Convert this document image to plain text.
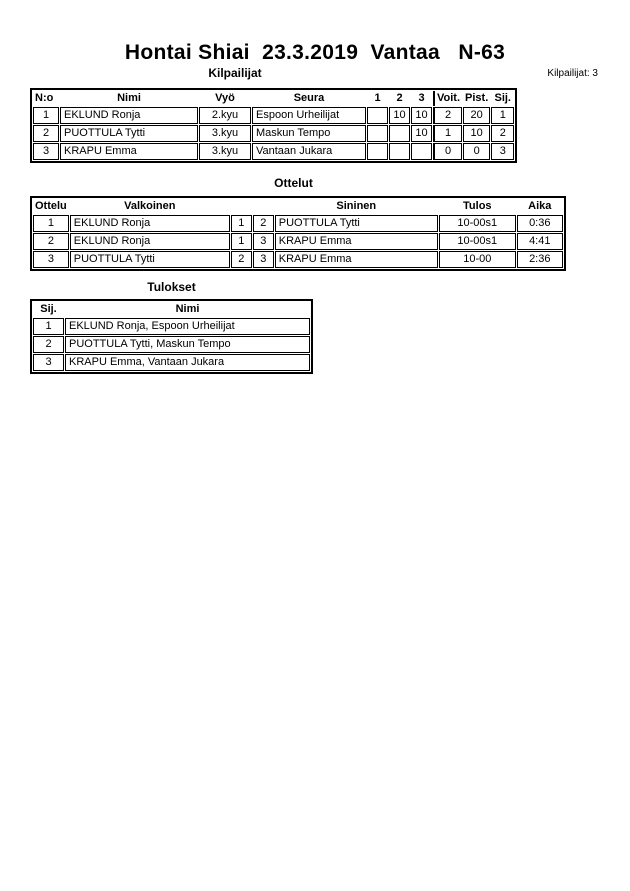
Hontai Shiai  23.3.2019  Vantaa   N-63
Kilpailijat	Kilpailijat: 3
N:o	Nimi	Vyö	Seura	1	2	3	Voit.	Pist.	Sij.
1	EKLUND Ronja	2.kyu	Espoon Urheilijat		10	10	2	20	1
2	PUOTTULA Tytti	3.kyu	Maskun Tempo			10	1	10	2
3	KRAPU Emma	3.kyu	Vantaan Jukara				0	0	3
Ottelut
Ottelu	Valkoinen			Sininen	Tulos	Aika
1	EKLUND Ronja	1	2	PUOTTULA Tytti	10-00s1	0:36
2	EKLUND Ronja	1	3	KRAPU Emma	10-00s1	4:41
3	PUOTTULA Tytti	2	3	KRAPU Emma	10-00	2:36
Tulokset
Sij.	Nimi
1	EKLUND Ronja, Espoon Urheilijat
2	PUOTTULA Tytti, Maskun Tempo
3	KRAPU Emma, Vantaan Jukara
